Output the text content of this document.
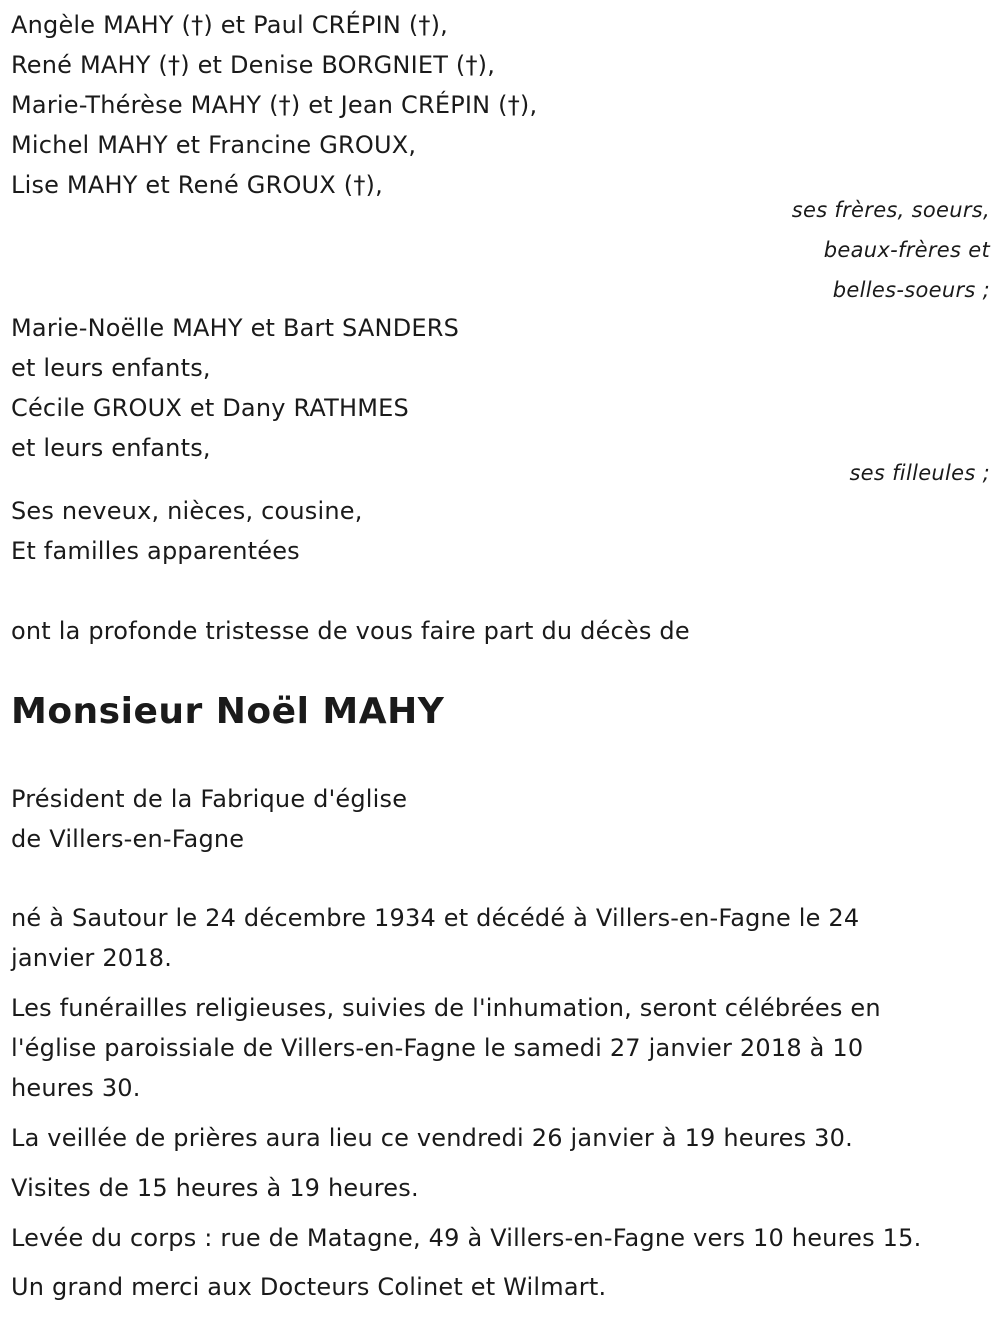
Angèle MAHY (†) et Paul CRÉPIN (†),
René MAHY (†) et Denise BORGNIET (†),
Marie-Thérèse MAHY (†) et Jean CRÉPIN (†),
Michel MAHY et Francine GROUX,
Lise MAHY et René GROUX (†),
ses frères, soeurs,
beaux-frères et
belles-soeurs ;
Marie-Noëlle MAHY et Bart SANDERS
et leurs enfants,
Cécile GROUX et Dany RATHMES
et leurs enfants,
ses filleules ;
Ses neveux, nièces, cousine,
Et familles apparentées
ont la profonde tristesse de vous faire part du décès de
Monsieur Noël MAHY
Président de la Fabrique d'église
de Villers-en-Fagne
né à Sautour le 24 décembre 1934 et décédé à Villers-en-Fagne le 24
janvier 2018.
Les funérailles religieuses, suivies de l'inhumation, seront célébrées en
l'église paroissiale de Villers-en-Fagne le samedi 27 janvier 2018 à 10
heures 30.
La veillée de prières aura lieu ce vendredi 26 janvier à 19 heures 30.
Visites de 15 heures à 19 heures.
Levée du corps : rue de Matagne, 49 à Villers-en-Fagne vers 10 heures 15.
Un grand merci aux Docteurs Colinet et Wilmart.
